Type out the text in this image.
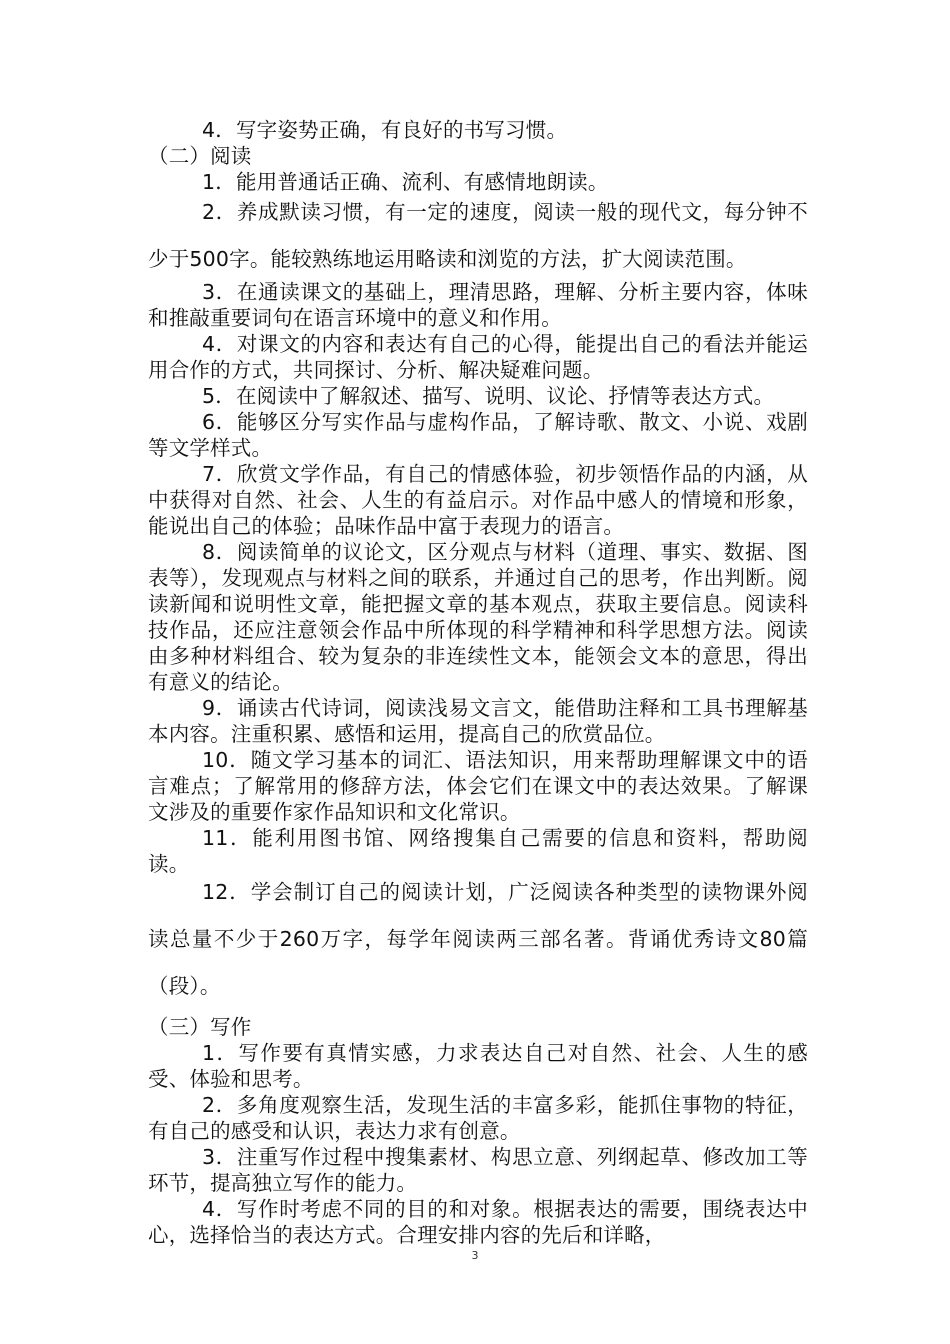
4．写字姿势正确，有良好的书写习惯。

（二）阅读

1．能用普通话正确、流利、有感情地朗读。

2．养成默读习惯，有一定的速度，阅读一般的现代文，每分钟不少于500字。能较熟练地运用略读和浏览的方法，扩大阅读范围。

3．在通读课文的基础上，理清思路，理解、分析主要内容，体味和推敲重要词句在语言环境中的意义和作用。

4．对课文的内容和表达有自己的心得，能提出自己的看法并能运用合作的方式，共同探讨、分析、解决疑难问题。

5．在阅读中了解叙述、描写、说明、议论、抒情等表达方式。

6．能够区分写实作品与虚构作品，了解诗歌、散文、小说、戏剧等文学样式。

7．欣赏文学作品，有自己的情感体验，初步领悟作品的内涵，从中获得对自然、社会、人生的有益启示。对作品中感人的情境和形象，能说出自己的体验；品味作品中富于表现力的语言。

8．阅读简单的议论文，区分观点与材料（道理、事实、数据、图表等），发现观点与材料之间的联系，并通过自己的思考，作出判断。阅读新闻和说明性文章，能把握文章的基本观点，获取主要信息。阅读科技作品，还应注意领会作品中所体现的科学精神和科学思想方法。阅读由多种材料组合、较为复杂的非连续性文本，能领会文本的意思，得出有意义的结论。

9．诵读古代诗词，阅读浅易文言文，能借助注释和工具书理解基本内容。注重积累、感悟和运用，提高自己的欣赏品位。

10．随文学习基本的词汇、语法知识，用来帮助理解课文中的语言难点；了解常用的修辞方法，体会它们在课文中的表达效果。了解课文涉及的重要作家作品知识和文化常识。

11．能利用图书馆、网络搜集自己需要的信息和资料，帮助阅读。

12．学会制订自己的阅读计划，广泛阅读各种类型的读物课外阅读总量不少于260万字，每学年阅读两三部名著。背诵优秀诗文80篇（段）。

（三）写作

1．写作要有真情实感，力求表达自己对自然、社会、人生的感受、体验和思考。

2．多角度观察生活，发现生活的丰富多彩，能抓住事物的特征，有自己的感受和认识，表达力求有创意。

3．注重写作过程中搜集素材、构思立意、列纲起草、修改加工等环节，提高独立写作的能力。

4．写作时考虑不同的目的和对象。根据表达的需要，围绕表达中心，选择恰当的表达方式。合理安排内容的先后和详略，

3
